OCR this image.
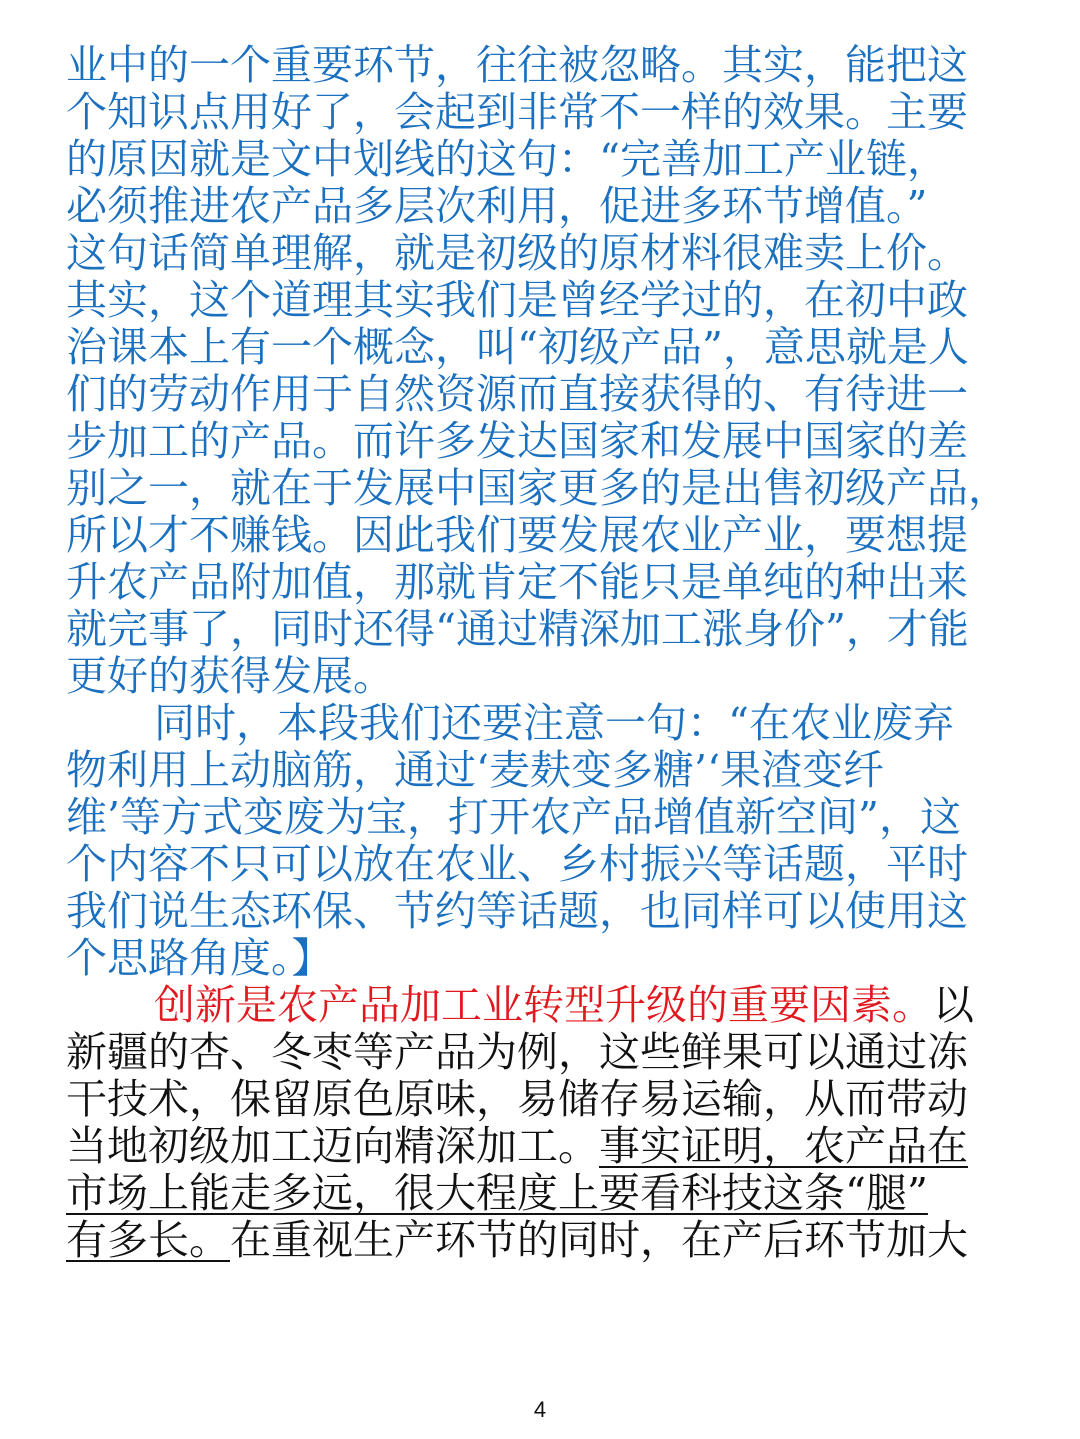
业中的一个重要环节，往往被忽略。其实，能把这
个知识点用好了，会起到非常不一样的效果。主要
的原因就是文中划线的这句：“完善加工产业链，
必须推进农产品多层次利用，促进多环节增值。”
这句话简单理解，就是初级的原材料很难卖上价。
其实，这个道理其实我们是曾经学过的，在初中政
治课本上有一个概念，叫“初级产品”，意思就是人
们的劳动作用于自然资源而直接获得的、有待进一
步加工的产品。而许多发达国家和发展中国家的差
别之一，就在于发展中国家更多的是出售初级产品，
所以才不赚钱。因此我们要发展农业产业，要想提
升农产品附加值，那就肯定不能只是单纯的种出来
就完事了，同时还得“通过精深加工涨身价”，才能
更好的获得发展。
同时，本段我们还要注意一句：“在农业废弃
物利用上动脑筋，通过‘麦麸变多糖’‘果渣变纤
维’等方式变废为宝，打开农产品增值新空间”，这
个内容不只可以放在农业、乡村振兴等话题，平时
我们说生态环保、节约等话题，也同样可以使用这
个思路角度。】
创新是农产品加工业转型升级的重要因素。以
新疆的杏、冬枣等产品为例，这些鲜果可以通过冻
干技术，保留原色原味，易储存易运输，从而带动
当地初级加工迈向精深加工。事实证明，农产品在
市场上能走多远，很大程度上要看科技这条“腿”
有多长。在重视生产环节的同时，在产后环节加大
4
